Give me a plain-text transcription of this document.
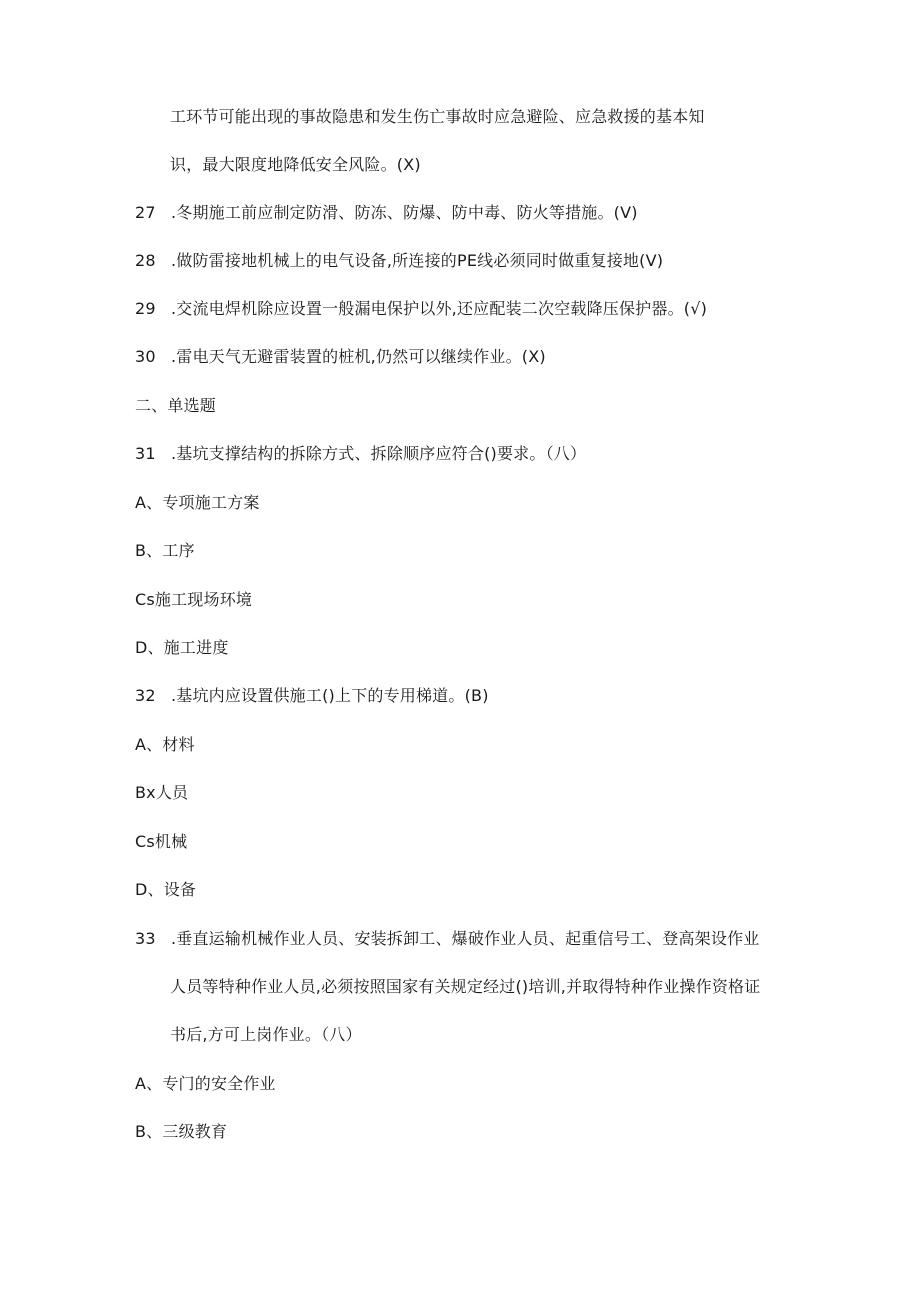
工环节可能出现的事故隐患和发生伤亡事故时应急避险、应急救援的基本知
识，最大限度地降低安全风险。(X)
27 .冬期施工前应制定防滑、防冻、防爆、防中毒、防火等措施。(V)
28 .做防雷接地机械上的电气设备,所连接的PE线必须同时做重复接地(V)
29 .交流电焊机除应设置一般漏电保护以外,还应配装二次空载降压保护器。(√)
30 .雷电天气无避雷装置的桩机,仍然可以继续作业。(X)
二、单选题
31 .基坑支撑结构的拆除方式、拆除顺序应符合()要求。（八）
A、专项施工方案
B、工序
Cs施工现场环境
D、施工进度
32 .基坑内应设置供施工()上下的专用梯道。(B)
A、材料
Bx人员
Cs机械
D、设备
33 .垂直运输机械作业人员、安装拆卸工、爆破作业人员、起重信号工、登高架设作业
人员等特种作业人员,必须按照国家有关规定经过()培训,并取得特种作业操作资格证
书后,方可上岗作业。（八）
A、专门的安全作业
B、三级教育
